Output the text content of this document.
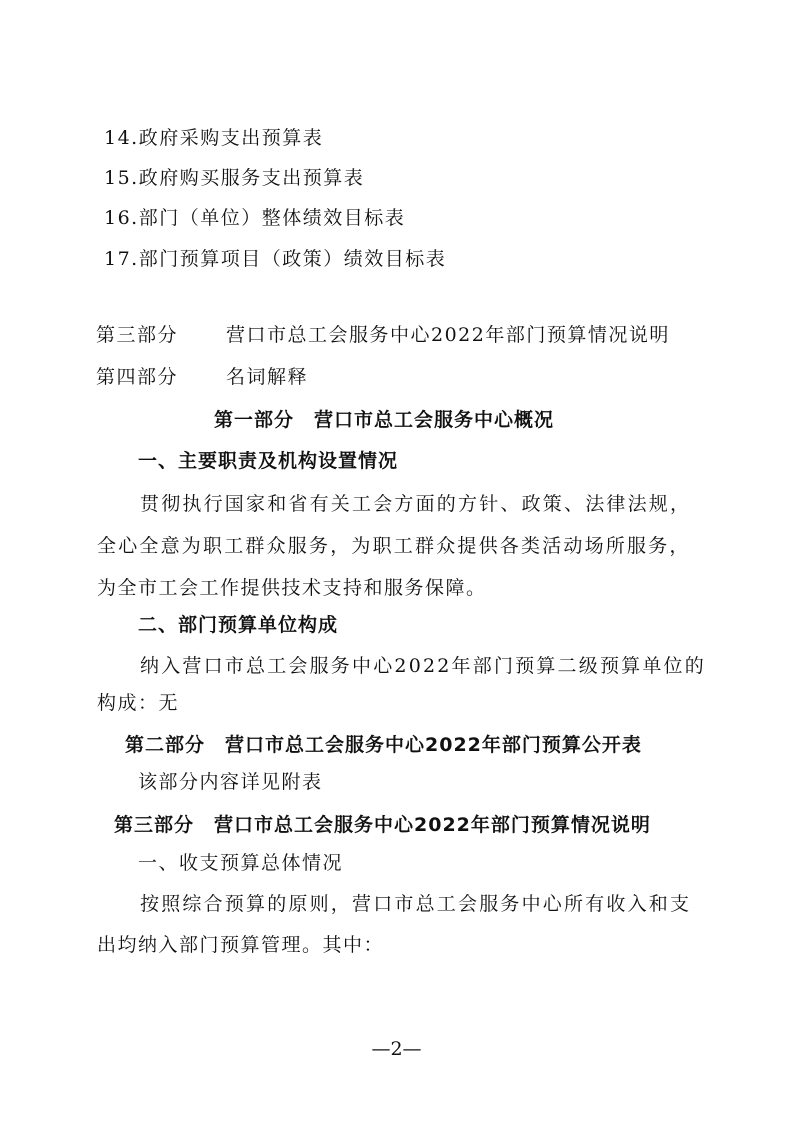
14.政府采购支出预算表
15.政府购买服务支出预算表
16.部门（单位）整体绩效目标表
17.部门预算项目（政策）绩效目标表
第三部分	营口市总工会服务中心2022年部门预算情况说明
第四部分	名词解释
第一部分　营口市总工会服务中心概况
一、主要职责及机构设置情况
贯彻执行国家和省有关工会方面的方针、政策、法律法规，
全心全意为职工群众服务，为职工群众提供各类活动场所服务，
为全市工会工作提供技术支持和服务保障。
二、部门预算单位构成
纳入营口市总工会服务中心2022年部门预算二级预算单位的
构成：无
第二部分　营口市总工会服务中心2022年部门预算公开表
该部分内容详见附表
第三部分　营口市总工会服务中心2022年部门预算情况说明
一、收支预算总体情况
按照综合预算的原则，营口市总工会服务中心所有收入和支
出均纳入部门预算管理。其中：
—2—
